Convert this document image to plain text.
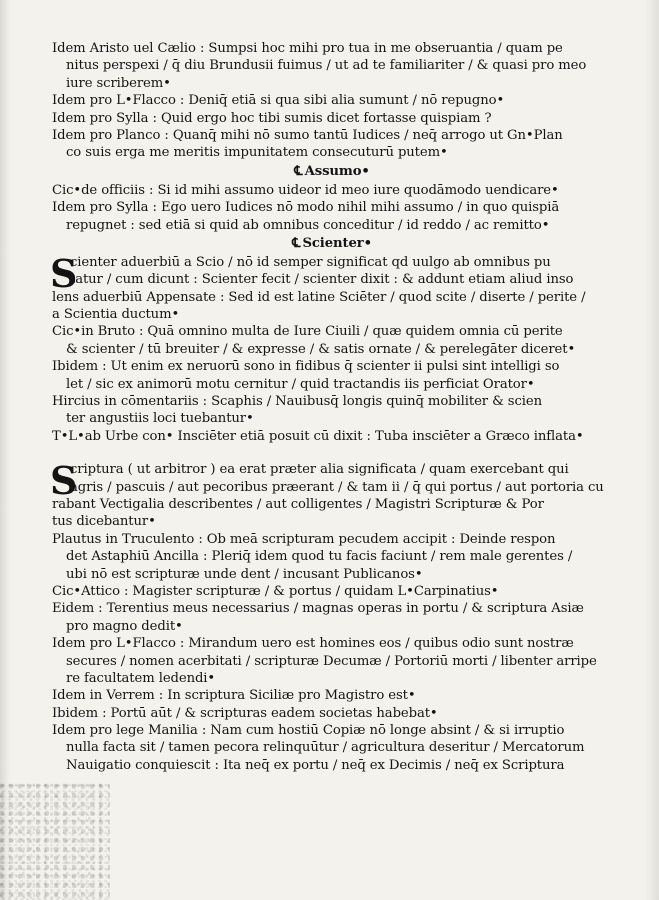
Idem Aristo uel Cælio : Sumpsi hoc mihi pro tua in me obseruantia / quam pe
nitus perspexi / q̄ diu Brundusii fuimus / ut ad te familiariter / & quasi pro meo
iure scriberem•
Idem pro L•Flacco : Deniq̄ etiā si qua sibi alia sumunt / nō repugno•
Idem pro Sylla : Quid ergo hoc tibi sumis dicet fortasse quispiam ?
Idem pro Planco : Quanq̄ mihi nō sumo tantū Iudices / neq̄ arrogo ut Gn•Plan
co suis erga me meritis impunitatem consecuturū putem•
℄ Assumo•
Cic•de officiis : Si id mihi assumo uideor id meo iure quodāmodo uendicare•
Idem pro Sylla : Ego uero Iudices nō modo nihil mihi assumo / in quo quispiā
repugnet : sed etiā si quid ab omnibus conceditur / id reddo / ac remitto•
℄ Scienter•
S
cienter aduerbiū a Scio / nō id semper significat qd uulgo ab omnibus pu
tatur / cum dicunt : Scienter fecit / scienter dixit : & addunt etiam aliud inso
lens aduerbiū Appensate : Sed id est latine Sciēter / quod scite / diserte / perite /
a Scientia ductum•
Cic•in Bruto : Quā omnino multa de Iure Ciuili / quæ quidem omnia cū perite
& scienter / tū breuiter / & expresse / & satis ornate / & perelegāter diceret•
Ibidem : Ut enim ex neruorū sono in fidibus q̄ scienter ii pulsi sint intelligi so
let / sic ex animorū motu cernitur / quid tractandis iis perficiat Orator•
Hircius in cōmentariis : Scaphis / Nauibusq̄ longis quinq̄ mobiliter & scien
ter angustiis loci tuebantur•
T•L•ab Urbe con• Insciēter etiā posuit cū dixit : Tuba insciēter a Græco inflata•
S
criptura ( ut arbitror ) ea erat præter alia significata / quam exercebant qui
agris / pascuis / aut pecoribus præerant / & tam ii / q̄ qui portus / aut portoria cu
rabant Vectigalia describentes / aut colligentes / Magistri Scripturæ & Por
tus dicebantur•
Plautus in Truculento : Ob meā scripturam pecudem accipit : Deinde respon
det Astaphiū Ancilla : Pleriq̄ idem quod tu facis faciunt / rem male gerentes /
ubi nō est scripturæ unde dent / incusant Publicanos•
Cic•Attico : Magister scripturæ / & portus / quidam L•Carpinatius•
Eidem : Terentius meus necessarius / magnas operas in portu / & scriptura Asiæ
pro magno dedit•
Idem pro L•Flacco : Mirandum uero est homines eos / quibus odio sunt nostræ
secures / nomen acerbitati / scripturæ Decumæ / Portoriū morti / libenter arripe
re facultatem ledendi•
Idem in Verrem : In scriptura Siciliæ pro Magistro est•
Ibidem : Portū aūt / & scripturas eadem societas habebat•
Idem pro lege Manilia : Nam cum hostiū Copiæ nō longe absint / & si irruptio
nulla facta sit / tamen pecora relinquūtur / agricultura deseritur / Mercatorum
Nauigatio conquiescit : Ita neq̄ ex portu / neq̄ ex Decimis / neq̄ ex Scriptura
